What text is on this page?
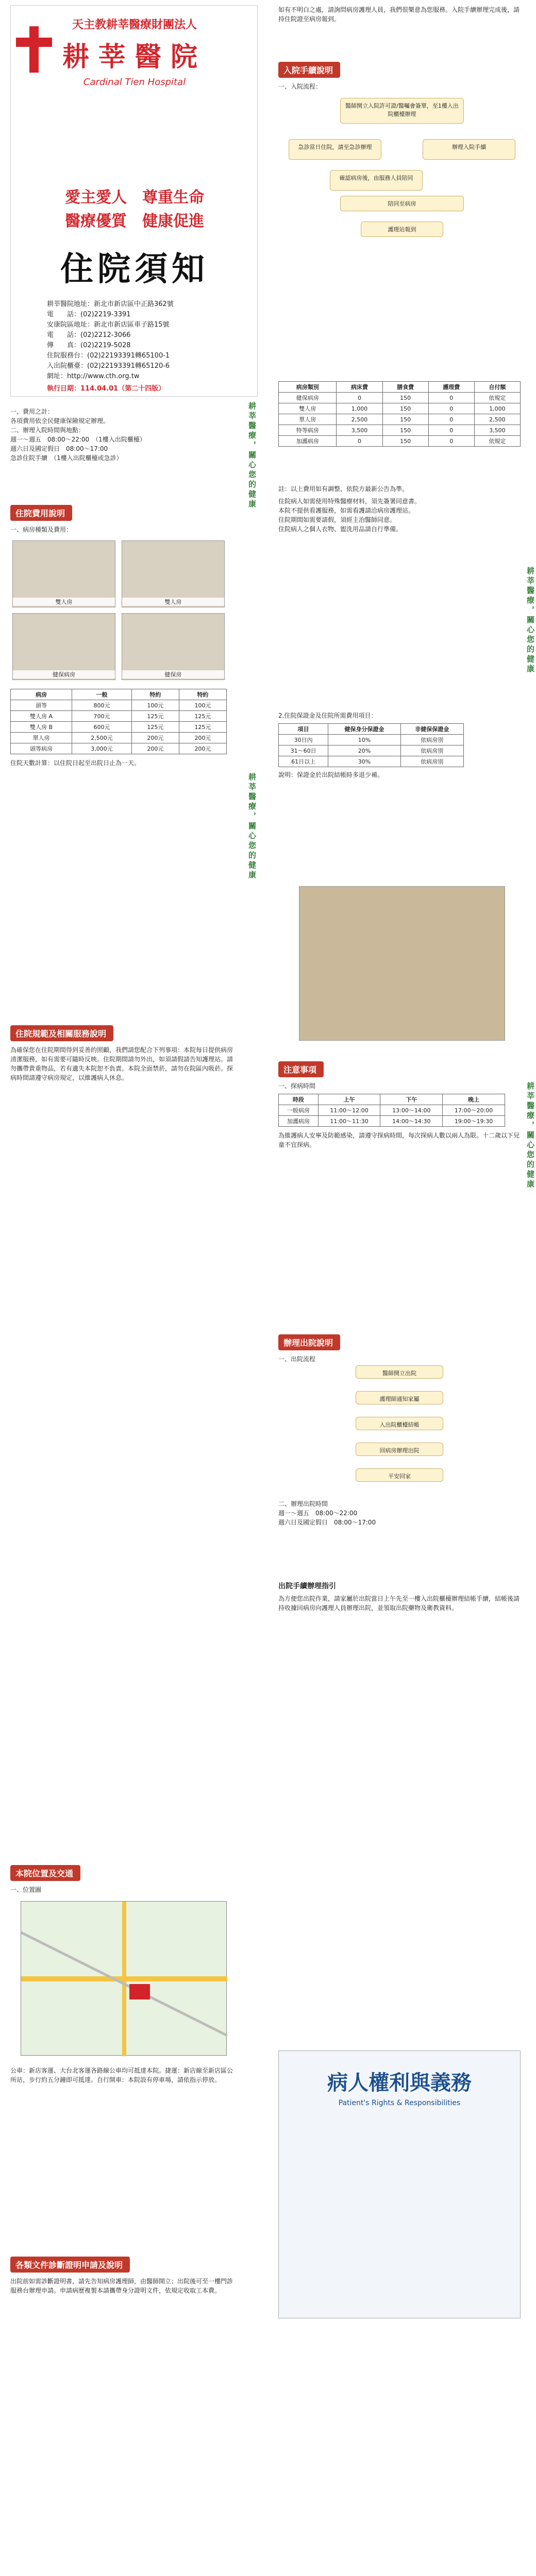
天主教耕莘醫療財團法人
耕莘醫院
Cardinal Tien Hospital
愛主愛人　尊重生命
醫療優質　健康促進
住院須知
耕莘醫院地址：新北市新店區中正路362號
電　　話：(02)2219-3391
安康院區地址：新北市新店區車子路15號
電　　話：(02)2212-3066
傳　　真：(02)2219-5028
住院服務台：(02)22193391轉65100-1
入出院櫃臺：(02)22193391轉65120-6
網址：http://www.cth.org.tw
執行日期：114.04.01（第二十四版）
一、費用之計：
各項費用依全民健康保險規定辦理。
二、辦理入院時間與地點：
週一～週五　08:00～22:00　（1樓入出院櫃檯）
週六日及國定假日　08:00～17:00
急診住院手續　（1樓入出院櫃檯或急診）	耕莘醫療，關心您的健康
住院費用說明
一、病房種類及費用：
雙人房
	雙人房

健保病房
	健保房
病房	一般	特約	特約
頭等	800元	100元	100元
雙人房 A	700元	125元	125元
雙人房 B	600元	125元	125元
單人房	2,500元	200元	200元
頭等病房	3,000元	200元	200元
住院天數計算：以住院日起至出院日止為一天。
耕莘醫療，關心您的健康
住院規範及相關服務說明
為確保您在住院期間得到妥善的照顧，我們請您配合下列事項：本院每日提供病房清潔服務，如有需要可隨時反映。住院期間請勿外出，如須請假請告知護理站。請勿攜帶貴重物品，若有遺失本院恕不負責。本院全面禁菸，請勿在院區內吸菸。探病時間請遵守病房規定，以維護病人休息。
本院位置及交通
一、位置圖
公車：新店客運、大台北客運各路線公車均可抵達本院。捷運：新店線至新店區公所站，步行約五分鐘即可抵達。自行開車：本院設有停車場，請依指示停放。
各類文件診斷證明申請及說明
出院前如需診斷證明書，請先告知病房護理師，由醫師開立；出院後可至一樓門診服務台辦理申請。申請病歷複製本請攜帶身分證明文件，依規定收取工本費。
如有不明白之處，請詢問病房護理人員，我們很樂意為您服務。入院手續辦理完成後，請持住院證至病房報到。
入院手續說明
一、入院流程：
醫師開立入院許可證/醫囑會簽單，至1樓入出院櫃檯辦理
急診當日住院，請至急診辦理	辦理入院手續
確認病房後，由服務人員陪同
陪同至病房
護理站報到
病房類別	病床費	膳食費	護理費	自付額
健保病房	0	150	0	依規定
雙人房	1,000	150	0	1,000
單人房	2,500	150	0	2,500
特等病房	3,500	150	0	3,500
加護病房	0	150	0	依規定
註：以上費用如有調整，依院方最新公告為準。
住院病人如需使用特殊醫療材料，須先簽署同意書。
本院不提供看護服務，如需看護請洽病房護理站。
住院期間如需要請假，須經主治醫師同意。
住院病人之個人衣物、盥洗用品請自行準備。
2.住院保證金及住院所需費用項目：
項目	健保身分保證金	非健保保證金
30日內	10%	依病房別
31～60日	20%	依病房別
61日以上	30%	依病房別
說明：保證金於出院結帳時多退少補。
耕莘醫療，關心您的健康
注意事項
一、探病時間
時段	上午	下午	晚上
一般病房	11:00～12:00	13:00～14:00	17:00～20:00
加護病房	11:00～11:30	14:00～14:30	19:00～19:30
為維護病人安寧及防範感染，請遵守探病時間，每次探病人數以兩人為限。十二歲以下兒童不宜探病。	耕莘醫療，關心您的健康
辦理出院說明
一、出院流程
醫師開立出院
護理師通知家屬
入出院櫃檯結帳
回病房辦理出院
平安回家
二、辦理出院時間
週一～週五　08:00～22:00
週六日及國定假日　08:00～17:00
出院手續辦理指引
為方便您出院作業，請家屬於出院當日上午先至一樓入出院櫃檯辦理結帳手續，結帳後請持收據回病房向護理人員辦理出院，並領取出院藥物及衛教資料。
病人權利與義務
Patient's Rights & Responsibilities
